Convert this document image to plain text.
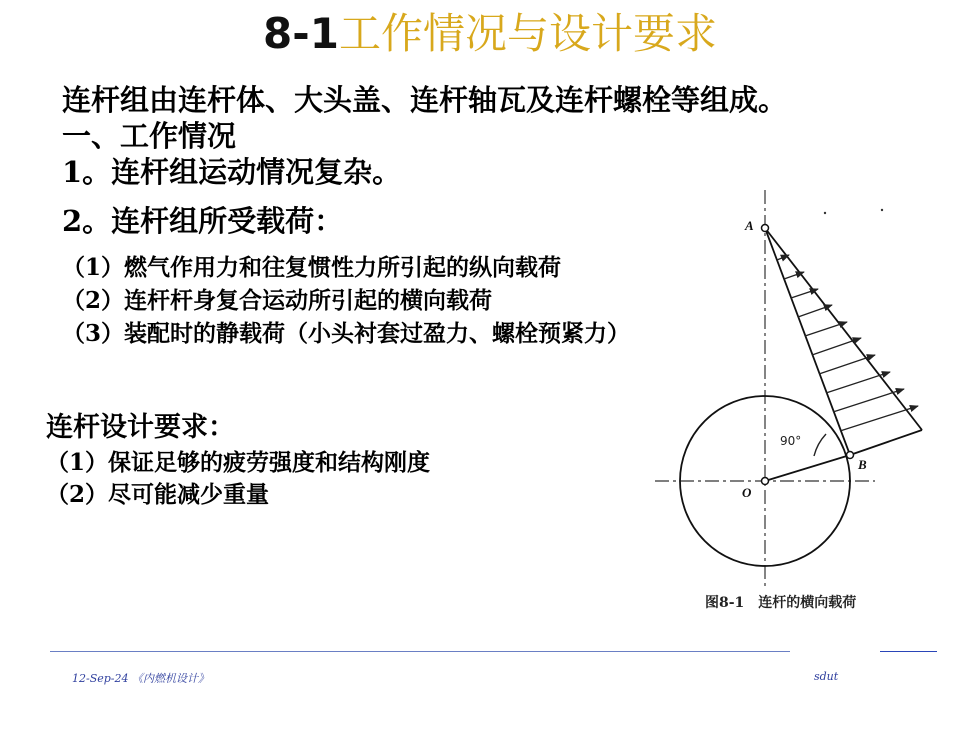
8-1工作情况与设计要求
连杆组由连杆体、大头盖、连杆轴瓦及连杆螺栓等组成。
一、工作情况
1。连杆组运动情况复杂。
2。连杆组所受载荷：
（1）燃气作用力和往复惯性力所引起的纵向载荷
（2）连杆杆身复合运动所引起的横向载荷
（3）装配时的静载荷（小头衬套过盈力、螺栓预紧力）
连杆设计要求：
（1）保证足够的疲劳强度和结构刚度
（2）尽可能减少重量
A
B
O
90°
图8-1　连杆的横向载荷
12-Sep-24 《内燃机设计》	sdut
